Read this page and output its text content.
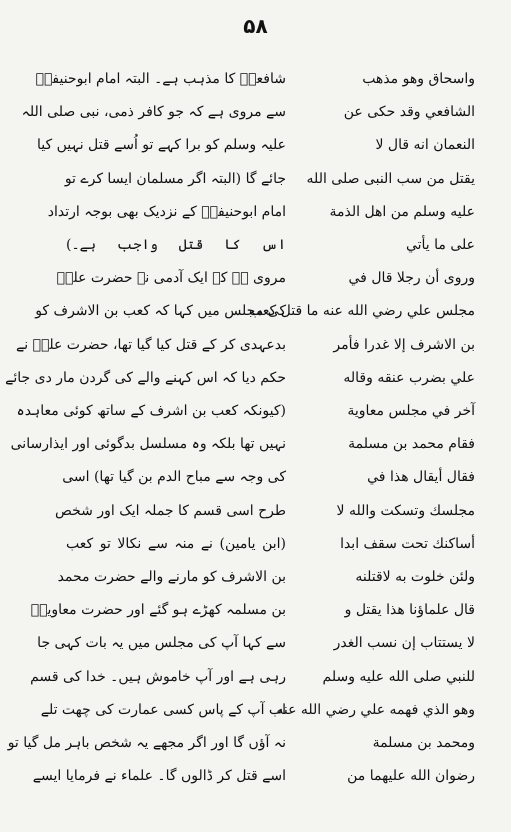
۵۸
واسحاق وهو مذهب
شافعیؒ کا مذہب ہے۔ البتہ امام ابوحنیفہؒ
الشافعي وقد حكى عن
سے مروی ہے کہ جو کافر ذمی، نبی صلی اللہ
النعمان انه قال لا
علیہ وسلم کو برا کہے تو اُسے قتل نہیں کیا
يقتل من سب النبى صلى الله
جائے گا (البتہ اگر مسلمان ایسا کرے تو
عليه وسلم من اهل الذمة
امام ابوحنیفہؒ کے نزدیک بھی بوجہ ارتداد
على ما يأتي
اس کا قتل واجب ہے۔)
وروى أن رجلا قال في
مروی ہے کہ ایک آدمی نے حضرت علیؓ
مجلس علي رضي الله عنه ما قتل كعب
کی مجلس میں کہا کہ کعب بن الاشرف کو
بن الاشرف إلا غدرا فأمر
بدعہدی کر کے قتل کیا گیا تھا، حضرت علیؓ نے
علي بضرب عنقه وقاله
حکم دیا کہ اس کہنے والے کی گردن مار دی جائے
آخر في مجلس معاوية
(کیونکہ کعب بن اشرف کے ساتھ کوئی معاہدہ
فقام محمد بن مسلمة
نہیں تھا بلکہ وہ مسلسل بدگوئی اور ایذارسانی
فقال أيقال هذا في
کی وجہ سے مباح الدم بن گیا تھا) اسی
مجلسك وتسكت والله لا
طرح اسی قسم کا جملہ ایک اور شخص
أساكنك تحت سقف ابدا
(ابن یامین) نے منہ سے نکالا تو کعب
ولئن خلوت به لاقتلنه
بن الاشرف کو مارنے والے حضرت محمد
قال علماؤنا هذا يقتل و
بن مسلمہ کھڑے ہو گئے اور حضرت معاویہؓ
لا يستتاب إن نسب الغدر
سے کہا آپ کی مجلس میں یہ بات کہی جا
للنبي صلى الله عليه وسلم
رہی ہے اور آپ خاموش ہیں۔ خدا کی قسم
وهو الذي فهمه علي رضي الله عنه
اب آپ کے پاس کسی عمارت کی چھت تلے
ومحمد بن مسلمة
نہ آؤں گا اور اگر مجھے یہ شخص باہر مل گیا تو
رضوان الله عليهما من
اسے قتل کر ڈالوں گا۔ علماء نے فرمایا ایسے
